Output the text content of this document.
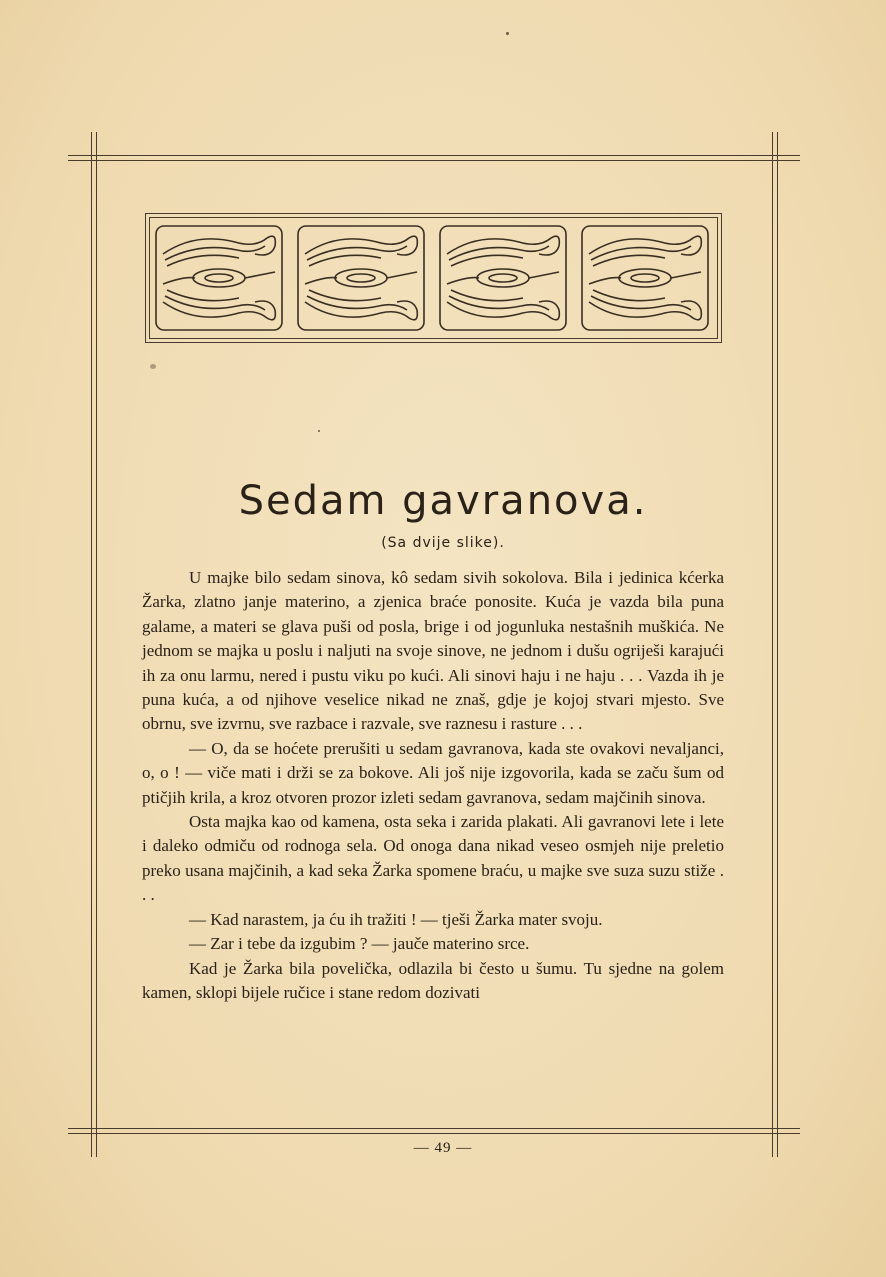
Sedam gavranova.
(Sa dvije slike).

U majke bilo sedam sinova, kô sedam sivih sokolova. Bila i jedinica kćerka Žarka, zlatno janje materino, a zjenica braće ponosite. Kuća je vazda bila puna galame, a materi se glava puši od posla, brige i od jogunluka nestašnih muškića. Ne jednom se majka u poslu i naljuti na svoje sinove, ne jednom i dušu ogriješi karajući ih za onu larmu, nered i pustu viku po kući. Ali sinovi haju i ne haju . . . Vazda ih je puna kuća, a od njihove veselice nikad ne znaš, gdje je kojoj stvari mjesto. Sve obrnu, sve izvrnu, sve razbace i razvale, sve raznesu i rasture . . .

— O, da se hoćete prerušiti u sedam gavranova, kada ste ovakovi nevaljanci, o, o ! — viče mati i drži se za bokove. Ali još nije izgovorila, kada se začu šum od ptičjih krila, a kroz otvoren prozor izleti sedam gavranova, sedam majčinih sinova.

Osta majka kao od kamena, osta seka i zarida plakati. Ali gavranovi lete i lete i daleko odmiču od rodnoga sela. Od onoga dana nikad veseo osmjeh nije preletio preko usana majčinih, a kad seka Žarka spomene braću, u majke sve suza suzu stiže . . .

— Kad narastem, ja ću ih tražiti ! — tješi Žarka mater svoju.

— Zar i tebe da izgubim ? — jauče materino srce.

Kad je Žarka bila povelička, odlazila bi često u šumu. Tu sjedne na golem kamen, sklopi bijele ručice i stane redom dozivati

— 49 —
